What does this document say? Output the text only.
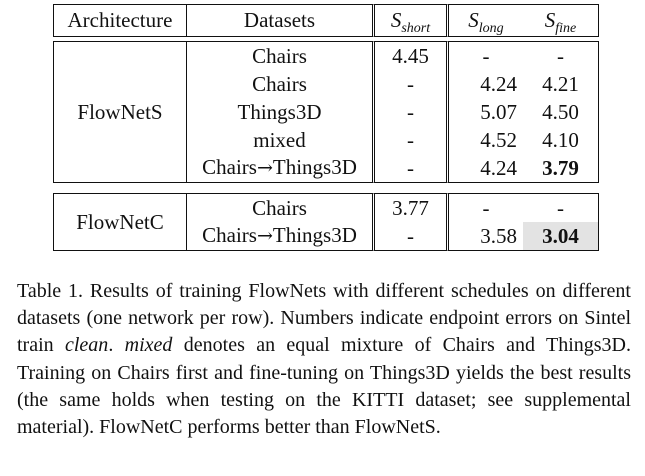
Architecture	Datasets	$S_{short}$	$S_{long}$	$S_{fine}$
FlowNetS	Chairs	4.45	-	-
	Chairs	-	4.24	4.21
	Things3D	-	5.07	4.50
	mixed	-	4.52	4.10
	Chairs→Things3D	-	4.24	3.79
FlowNetC	Chairs	3.77	-	-
	Chairs→Things3D	-	3.58	3.04

Table 1. Results of training FlowNets with different schedules on different datasets (one network per row). Numbers indicate endpoint errors on Sintel train clean. mixed denotes an equal mixture of Chairs and Things3D. Training on Chairs first and fine-tuning on Things3D yields the best results (the same holds when testing on the KITTI dataset; see supplemental material). FlowNetC performs better than FlowNetS.
